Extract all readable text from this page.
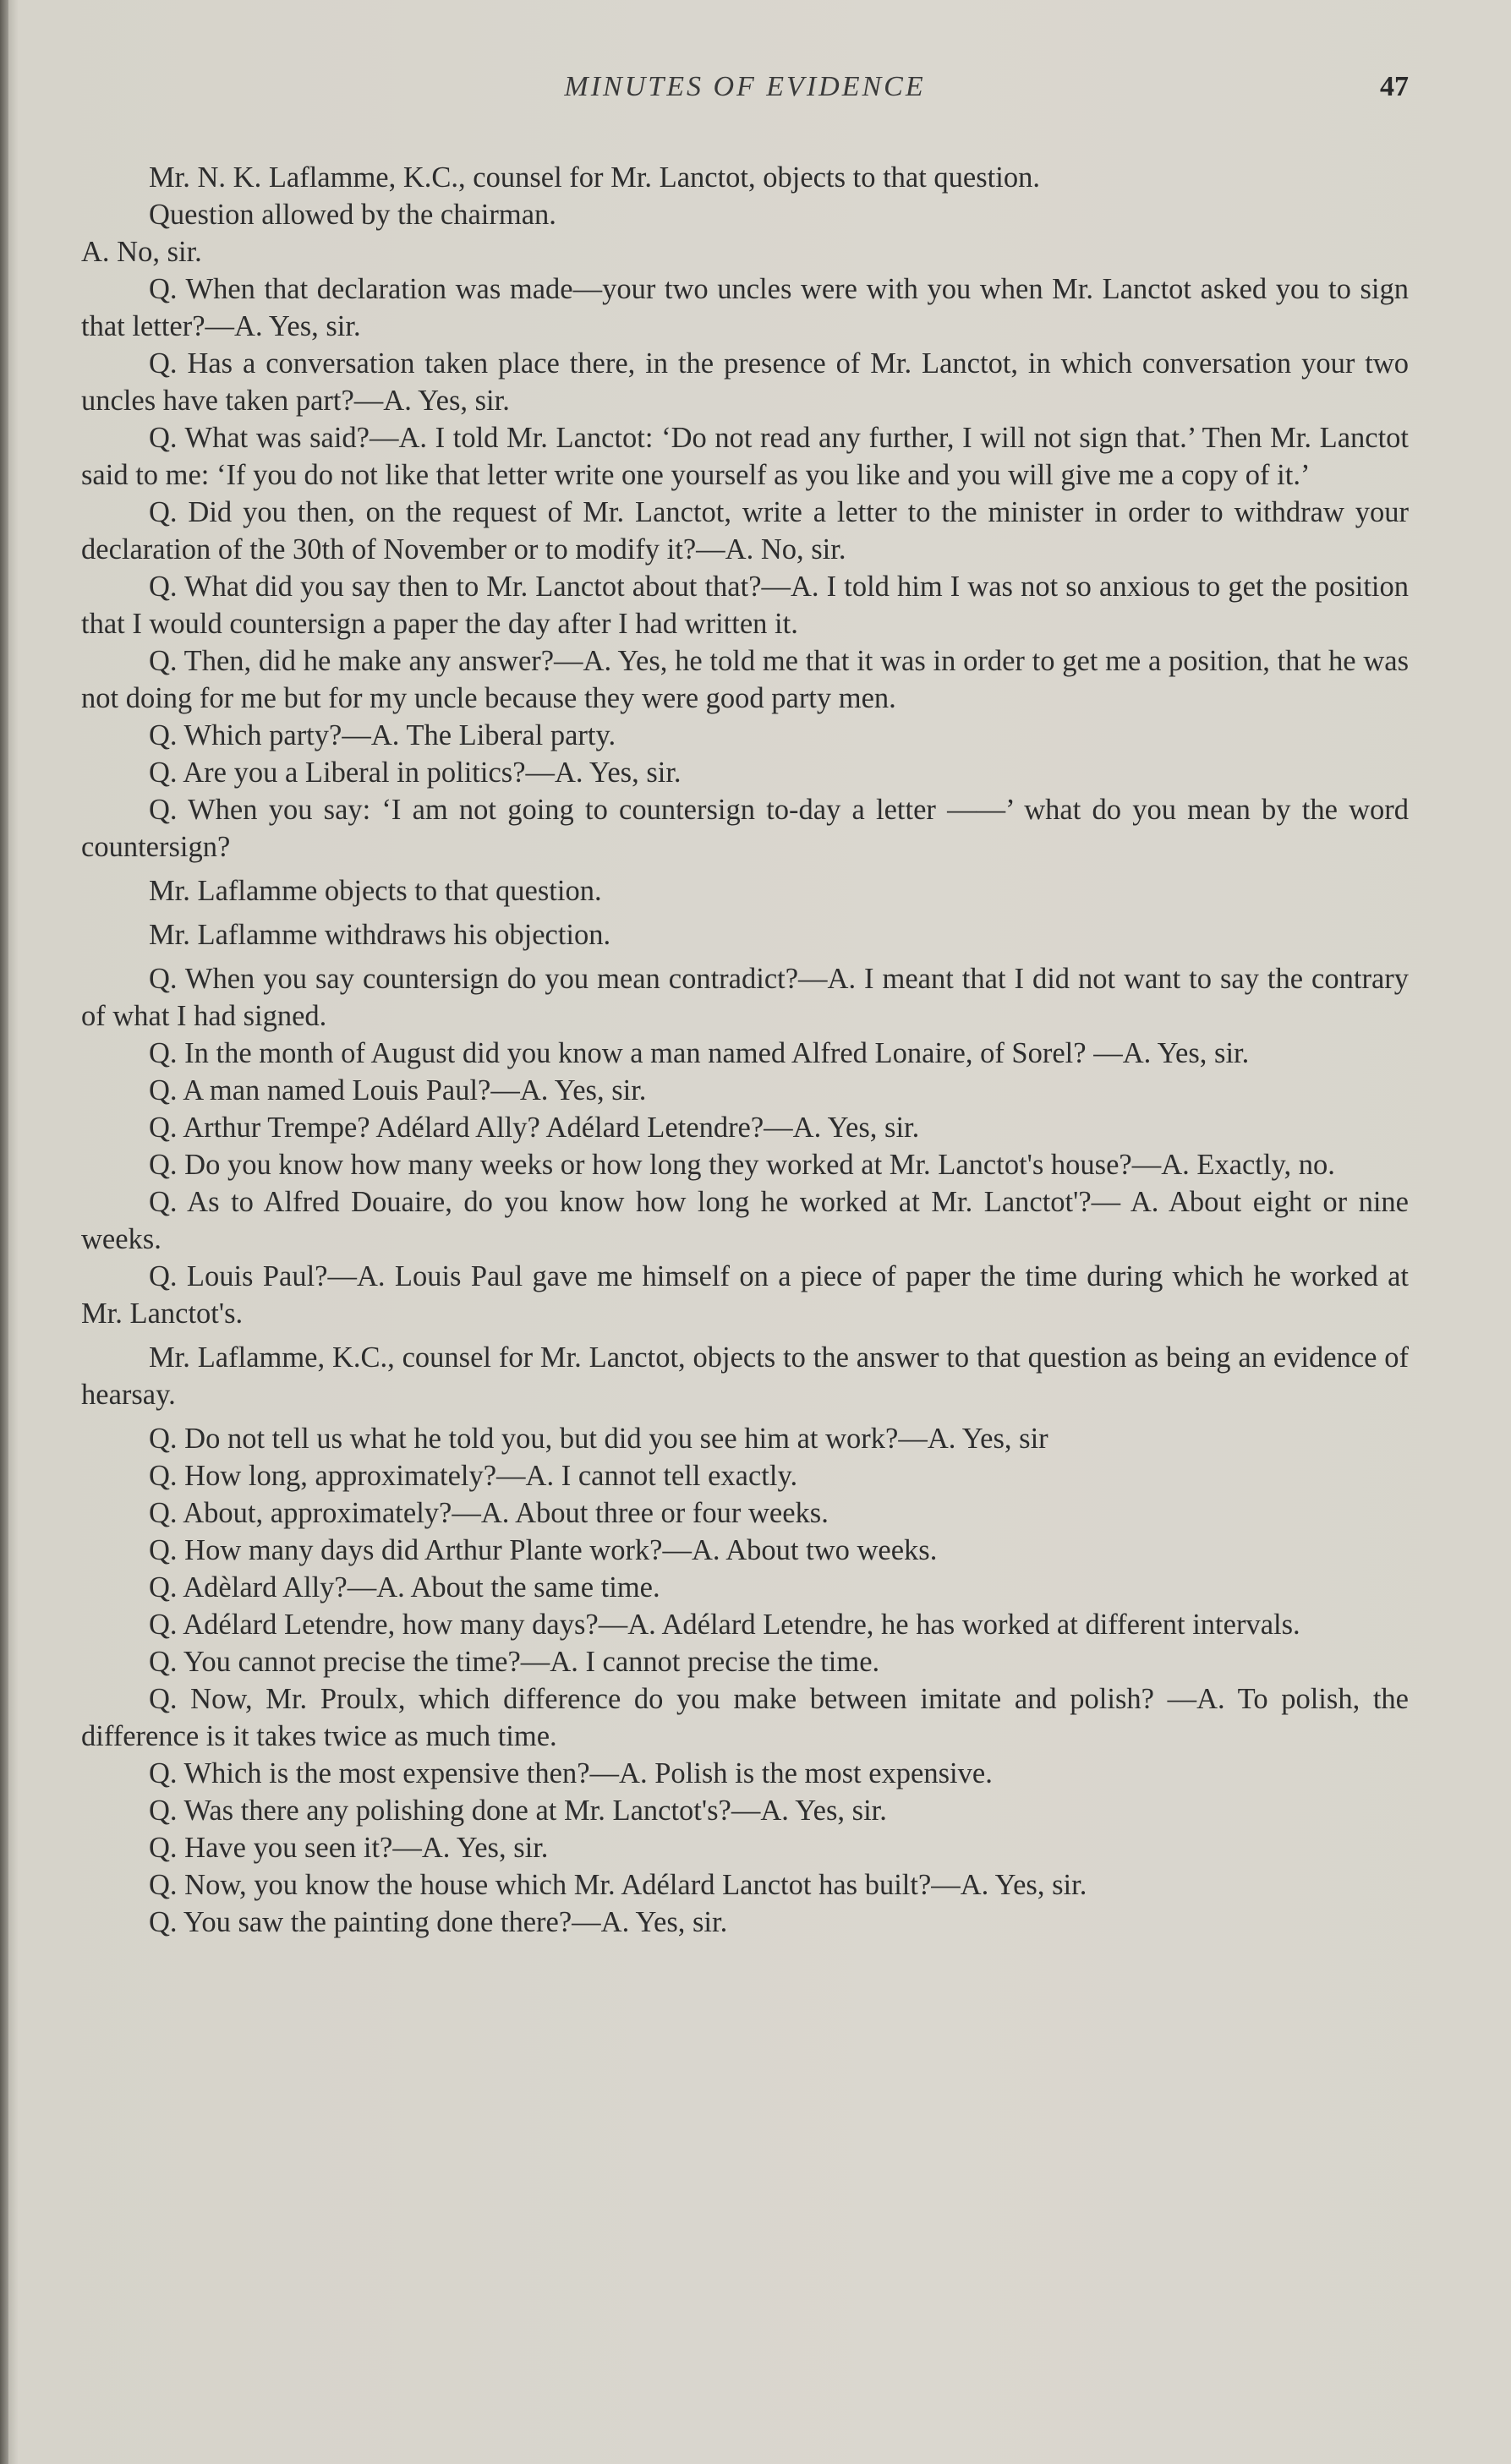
MINUTES OF EVIDENCE	47

Mr. N. K. Laflamme, K.C., counsel for Mr. Lanctot, objects to that question.

Question allowed by the chairman.

A. No, sir.

Q. When that declaration was made—your two uncles were with you when Mr. Lanctot asked you to sign that letter?—A. Yes, sir.

Q. Has a conversation taken place there, in the presence of Mr. Lanctot, in which conversation your two uncles have taken part?—A. Yes, sir.

Q. What was said?—A. I told Mr. Lanctot: ‘Do not read any further, I will not sign that.’ Then Mr. Lanctot said to me: ‘If you do not like that letter write one yourself as you like and you will give me a copy of it.’

Q. Did you then, on the request of Mr. Lanctot, write a letter to the minister in order to withdraw your declaration of the 30th of November or to modify it?—A. No, sir.

Q. What did you say then to Mr. Lanctot about that?—A. I told him I was not so anxious to get the position that I would countersign a paper the day after I had written it.

Q. Then, did he make any answer?—A. Yes, he told me that it was in order to get me a position, that he was not doing for me but for my uncle because they were good party men.

Q. Which party?—A. The Liberal party.

Q. Are you a Liberal in politics?—A. Yes, sir.

Q. When you say: ‘I am not going to countersign to-day a letter ——’ what do you mean by the word countersign?

Mr. Laflamme objects to that question.

Mr. Laflamme withdraws his objection.

Q. When you say countersign do you mean contradict?—A. I meant that I did not want to say the contrary of what I had signed.

Q. In the month of August did you know a man named Alfred Lonaire, of Sorel? —A. Yes, sir.

Q. A man named Louis Paul?—A. Yes, sir.

Q. Arthur Trempe? Adélard Ally? Adélard Letendre?—A. Yes, sir.

Q. Do you know how many weeks or how long they worked at Mr. Lanctot's house?—A. Exactly, no.

Q. As to Alfred Douaire, do you know how long he worked at Mr. Lanctot'?— A. About eight or nine weeks.

Q. Louis Paul?—A. Louis Paul gave me himself on a piece of paper the time during which he worked at Mr. Lanctot's.

Mr. Laflamme, K.C., counsel for Mr. Lanctot, objects to the answer to that question as being an evidence of hearsay.

Q. Do not tell us what he told you, but did you see him at work?—A. Yes, sir

Q. How long, approximately?—A. I cannot tell exactly.

Q. About, approximately?—A. About three or four weeks.

Q. How many days did Arthur Plante work?—A. About two weeks.

Q. Adèlard Ally?—A. About the same time.

Q. Adélard Letendre, how many days?—A. Adélard Letendre, he has worked at different intervals.

Q. You cannot precise the time?—A. I cannot precise the time.

Q. Now, Mr. Proulx, which difference do you make between imitate and polish? —A. To polish, the difference is it takes twice as much time.

Q. Which is the most expensive then?—A. Polish is the most expensive.

Q. Was there any polishing done at Mr. Lanctot's?—A. Yes, sir.

Q. Have you seen it?—A. Yes, sir.

Q. Now, you know the house which Mr. Adélard Lanctot has built?—A. Yes, sir.

Q. You saw the painting done there?—A. Yes, sir.
